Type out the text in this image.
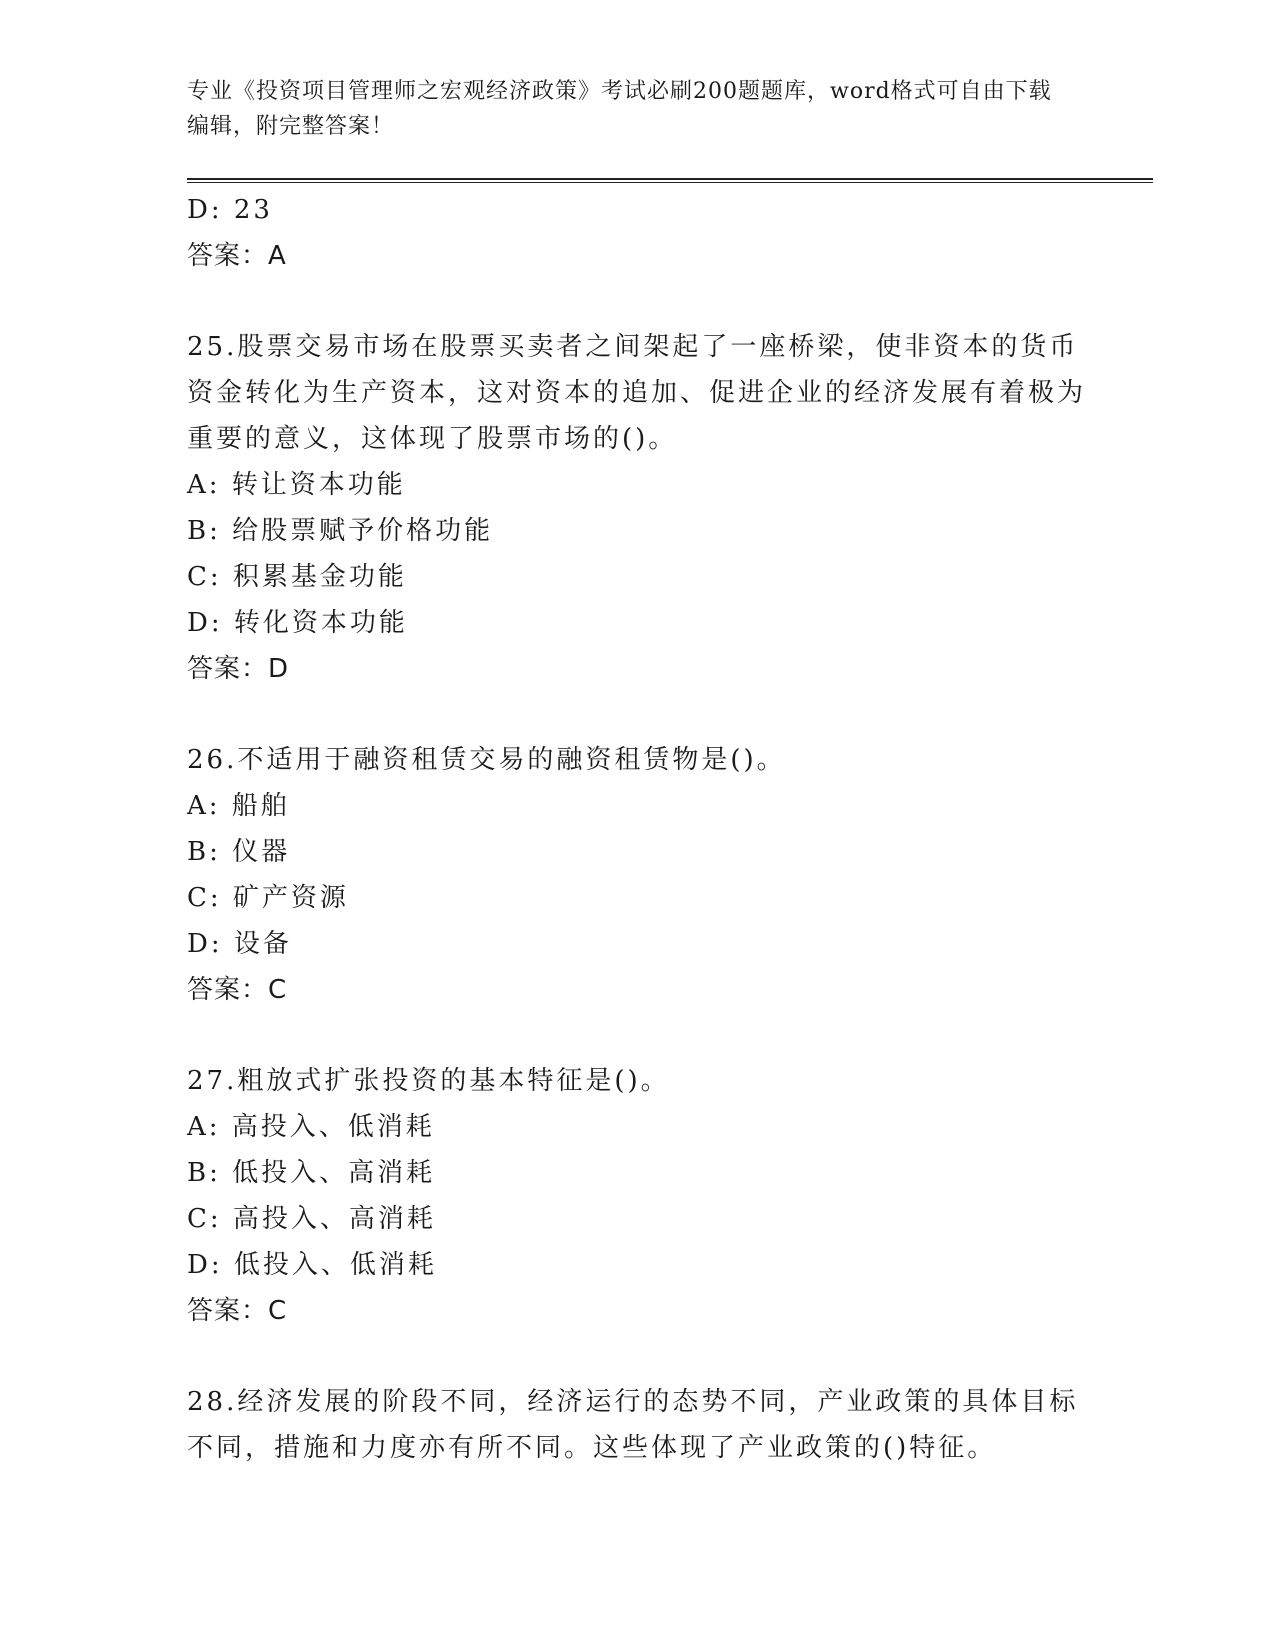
专业《投资项目管理师之宏观经济政策》考试必刷200题题库，word格式可自由下载编辑，附完整答案！
D: 23
答案：A
25.股票交易市场在股票买卖者之间架起了一座桥梁，使非资本的货币资金转化为生产资本，这对资本的追加、促进企业的经济发展有着极为重要的意义，这体现了股票市场的()。
A: 转让资本功能
B: 给股票赋予价格功能
C: 积累基金功能
D: 转化资本功能
答案：D
26.不适用于融资租赁交易的融资租赁物是()。
A: 船舶
B: 仪器
C: 矿产资源
D: 设备
答案：C
27.粗放式扩张投资的基本特征是()。
A: 高投入、低消耗
B: 低投入、高消耗
C: 高投入、高消耗
D: 低投入、低消耗
答案：C
28.经济发展的阶段不同，经济运行的态势不同，产业政策的具体目标不同，措施和力度亦有所不同。这些体现了产业政策的()特征。
